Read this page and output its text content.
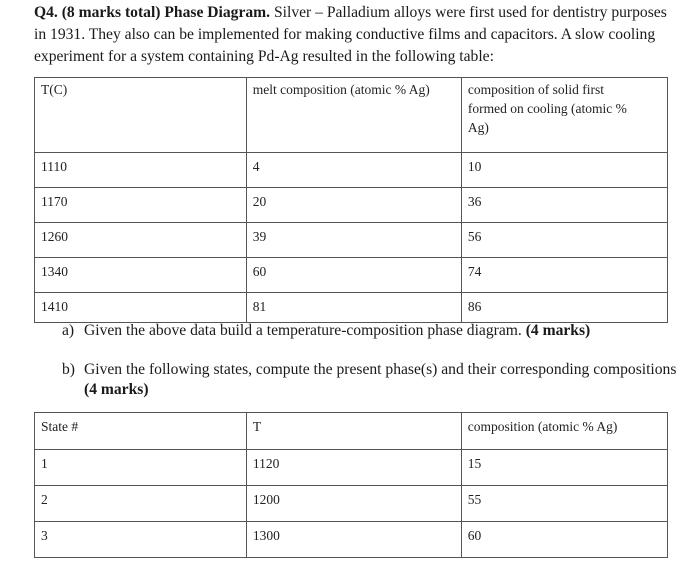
Q4. (8 marks total) Phase Diagram. Silver – Palladium alloys were first used for dentistry purposes
in 1931. They also can be implemented for making conductive films and capacitors. A slow cooling
experiment for a system containing Pd-Ag resulted in the following table:
T(C)	melt composition (atomic % Ag)	composition of solid first
formed on cooling (atomic %
Ag)

1110	4	10
1170	20	36
1260	39	56
1340	60	74
1410	81	86
a) Given the above data build a temperature-composition phase diagram. (4 marks)
b) Given the following states, compute the present phase(s) and their corresponding compositions
(4 marks)
State #	T	composition (atomic % Ag)
1	1120	15
2	1200	55
3	1300	60
